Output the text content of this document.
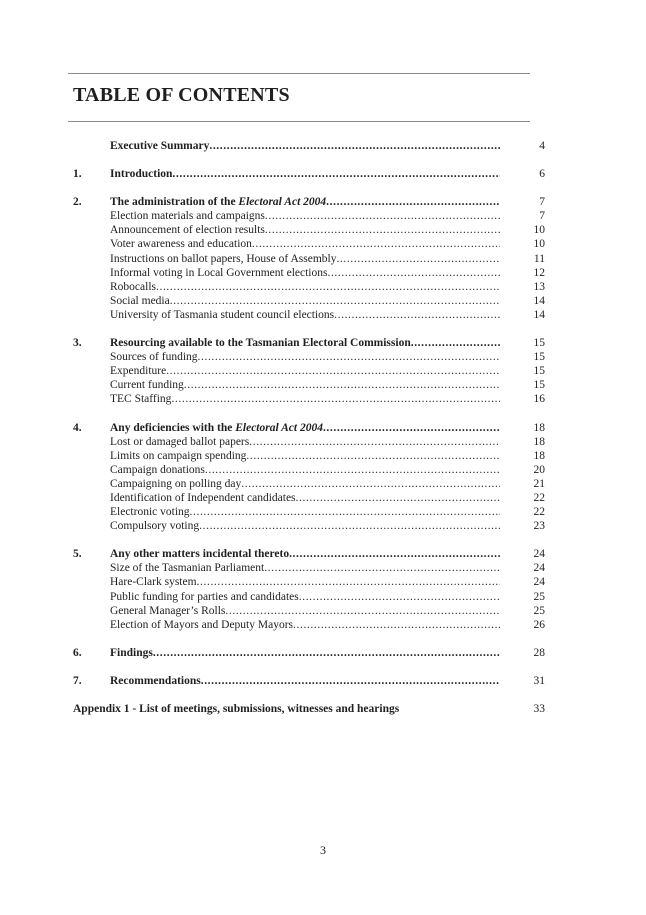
TABLE OF CONTENTS
Executive Summary .....	4
1.	Introduction .....	6
2.	The administration of the Electoral Act 2004 .....	7
Election materials and campaigns .....	7
Announcement of election results .....	10
Voter awareness and education .....	10
Instructions on ballot papers, House of Assembly .....	11
Informal voting in Local Government elections .....	12
Robocalls .....	13
Social media .....	14
University of Tasmania student council elections .....	14
3.	Resourcing available to the Tasmanian Electoral Commission .....	15
Sources of funding .....	15
Expenditure .....	15
Current funding .....	15
TEC Staffing .....	16
4.	Any deficiencies with the Electoral Act 2004 .....	18
Lost or damaged ballot papers .....	18
Limits on campaign spending .....	18
Campaign donations .....	20
Campaigning on polling day .....	21
Identification of Independent candidates .....	22
Electronic voting .....	22
Compulsory voting .....	23
5.	Any other matters incidental thereto .....	24
Size of the Tasmanian Parliament .....	24
Hare-Clark system .....	24
Public funding for parties and candidates .....	25
General Manager’s Rolls .....	25
Election of Mayors and Deputy Mayors .....	26
6.	Findings .....	28
7.	Recommendations .....	31
Appendix 1 - List of meetings, submissions, witnesses and hearings	33
3
